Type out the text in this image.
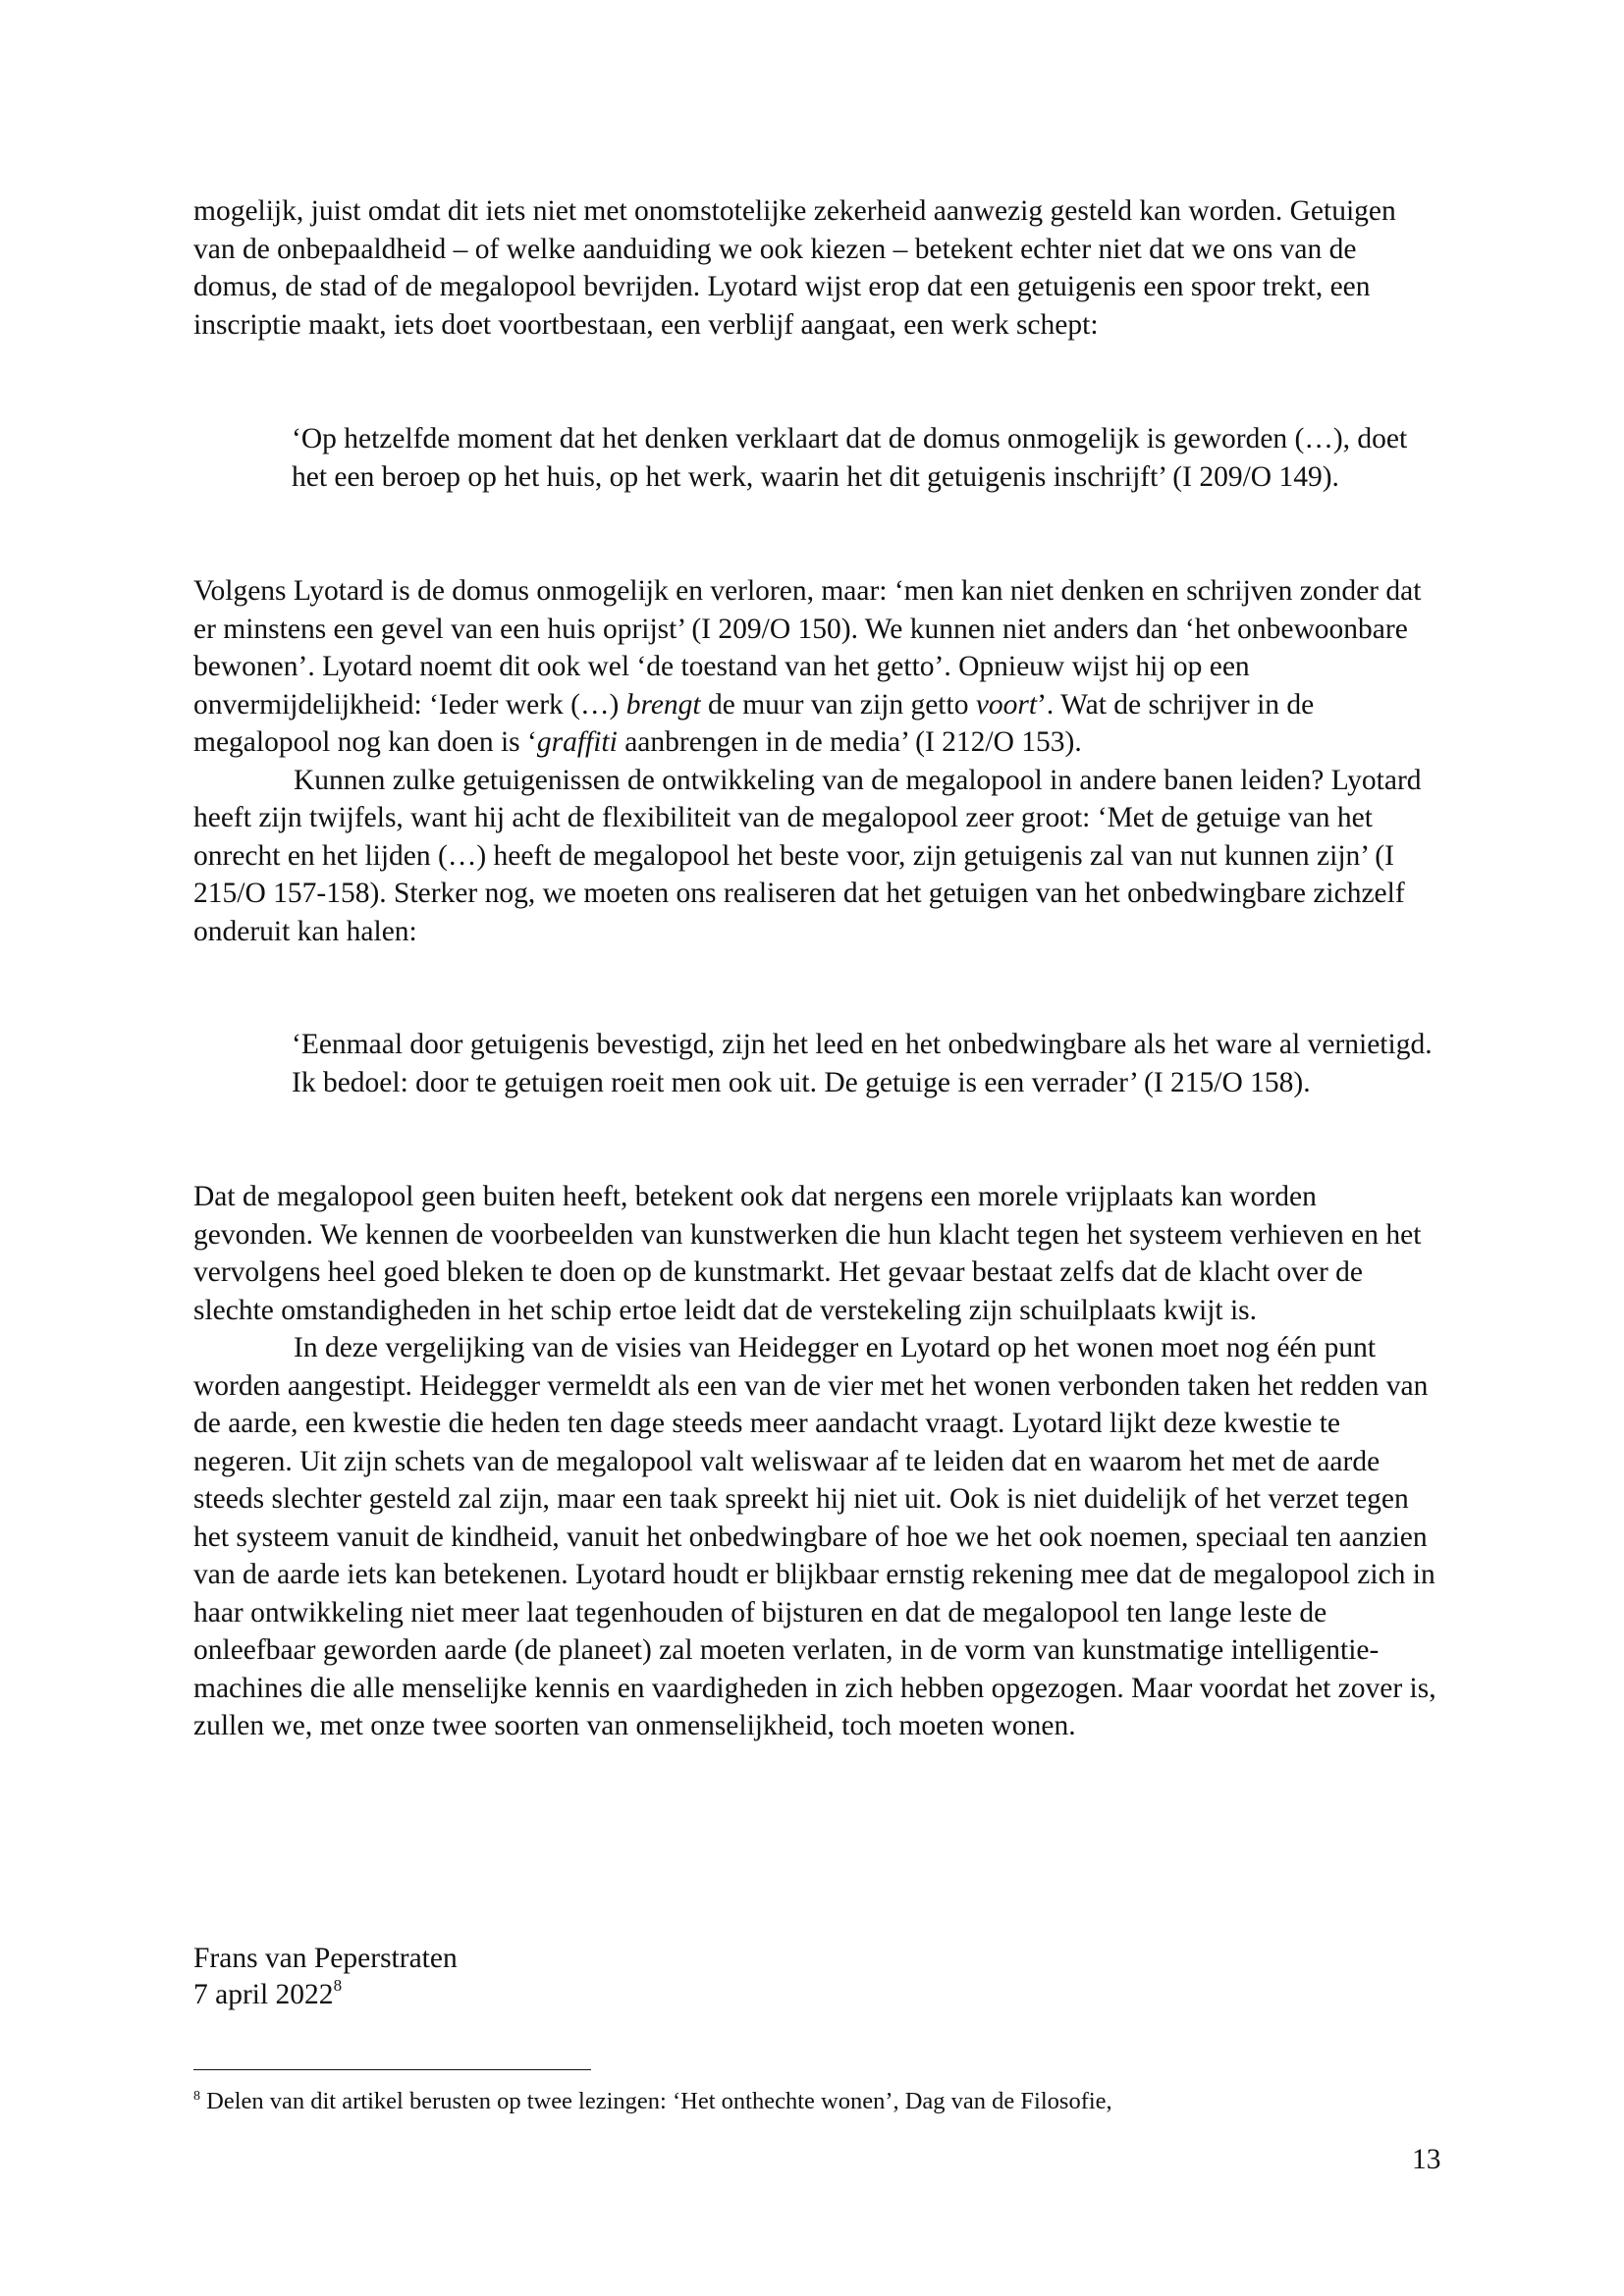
mogelijk, juist omdat dit iets niet met onomstotelijke zekerheid aanwezig gesteld kan worden. Getuigen van de onbepaaldheid – of welke aanduiding we ook kiezen – betekent echter niet dat we ons van de domus, de stad of de megalopool bevrijden. Lyotard wijst erop dat een getuigenis een spoor trekt, een inscriptie maakt, iets doet voortbestaan, een verblijf aangaat, een werk schept:

‘Op hetzelfde moment dat het denken verklaart dat de domus onmogelijk is geworden (…), doet het een beroep op het huis, op het werk, waarin het dit getuigenis inschrijft’ (I 209/O 149).

Volgens Lyotard is de domus onmogelijk en verloren, maar: ‘men kan niet denken en schrijven zonder dat er minstens een gevel van een huis oprijst’ (I 209/O 150). We kunnen niet anders dan ‘het onbewoonbare bewonen’. Lyotard noemt dit ook wel ‘de toestand van het getto’. Opnieuw wijst hij op een onvermijdelijkheid: ‘Ieder werk (…) brengt de muur van zijn getto voort’. Wat de schrijver in de megalopool nog kan doen is ‘graffiti aanbrengen in de media’ (I 212/O 153).

Kunnen zulke getuigenissen de ontwikkeling van de megalopool in andere banen leiden? Lyotard heeft zijn twijfels, want hij acht de flexibiliteit van de megalopool zeer groot: ‘Met de getuige van het onrecht en het lijden (…) heeft de megalopool het beste voor, zijn getuigenis zal van nut kunnen zijn’ (I 215/O 157-158). Sterker nog, we moeten ons realiseren dat het getuigen van het onbedwingbare zichzelf onderuit kan halen:

‘Eenmaal door getuigenis bevestigd, zijn het leed en het onbedwingbare als het ware al vernietigd. Ik bedoel: door te getuigen roeit men ook uit. De getuige is een verrader’ (I 215/O 158).

Dat de megalopool geen buiten heeft, betekent ook dat nergens een morele vrijplaats kan worden gevonden. We kennen de voorbeelden van kunstwerken die hun klacht tegen het systeem verhieven en het vervolgens heel goed bleken te doen op de kunstmarkt. Het gevaar bestaat zelfs dat de klacht over de slechte omstandigheden in het schip ertoe leidt dat de verstekeling zijn schuilplaats kwijt is.

In deze vergelijking van de visies van Heidegger en Lyotard op het wonen moet nog één punt worden aangestipt. Heidegger vermeldt als een van de vier met het wonen verbonden taken het redden van de aarde, een kwestie die heden ten dage steeds meer aandacht vraagt. Lyotard lijkt deze kwestie te negeren. Uit zijn schets van de megalopool valt weliswaar af te leiden dat en waarom het met de aarde steeds slechter gesteld zal zijn, maar een taak spreekt hij niet uit. Ook is niet duidelijk of het verzet tegen het systeem vanuit de kindheid, vanuit het onbedwingbare of hoe we het ook noemen, speciaal ten aanzien van de aarde iets kan betekenen. Lyotard houdt er blijkbaar ernstig rekening mee dat de megalopool zich in haar ontwikkeling niet meer laat tegenhouden of bijsturen en dat de megalopool ten lange leste de onleefbaar geworden aarde (de planeet) zal moeten verlaten, in de vorm van kunstmatige intelligentie-machines die alle menselijke kennis en vaardigheden in zich hebben opgezogen. Maar voordat het zover is, zullen we, met onze twee soorten van onmenselijkheid, toch moeten wonen.

Frans van Peperstraten
7 april 2022$^8$
$^8$ Delen van dit artikel berusten op twee lezingen: ‘Het onthechte wonen’, Dag van de Filosofie,
13
